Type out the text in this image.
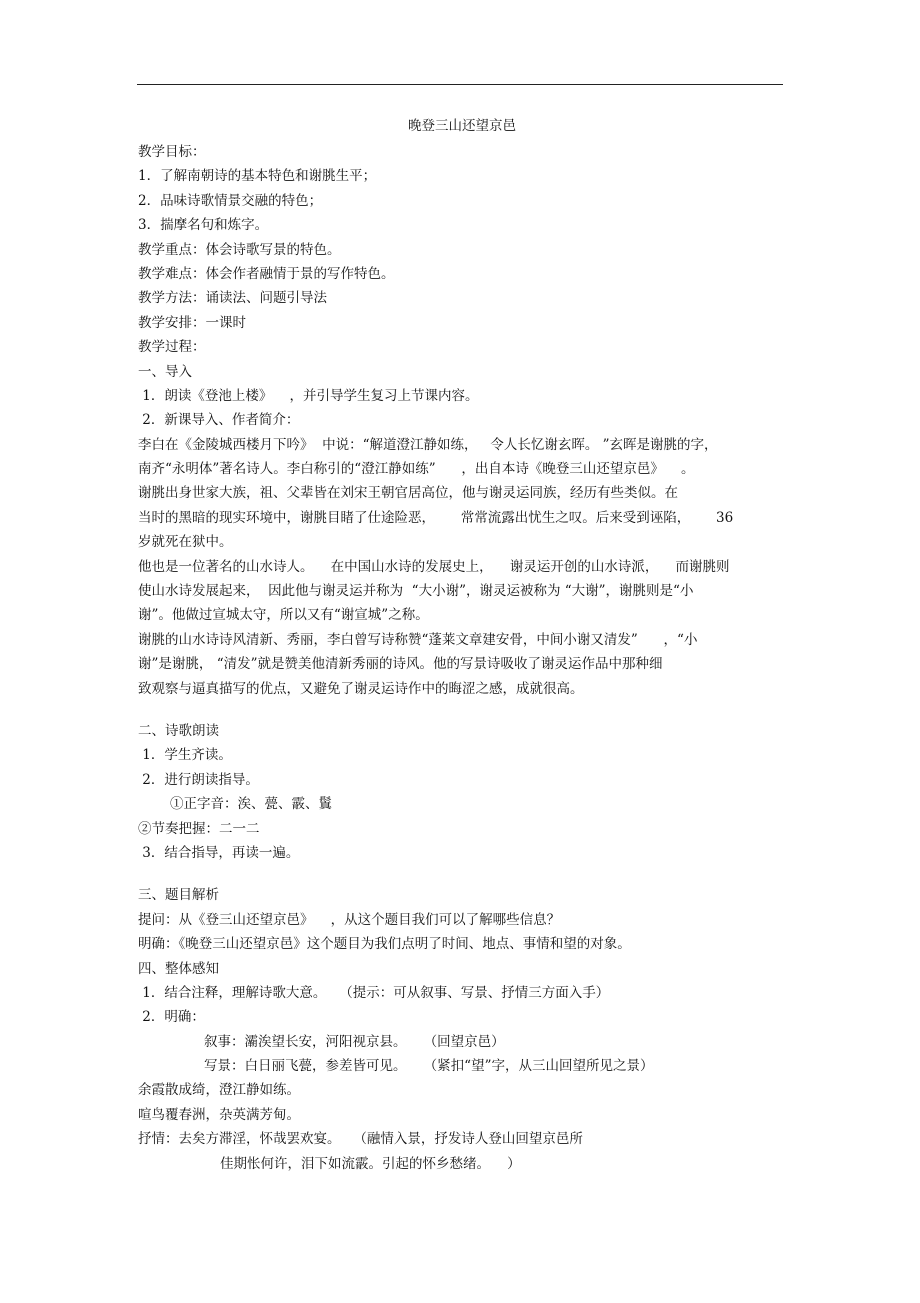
晚登三山还望京邑
教学目标：
1．了解南朝诗的基本特色和谢朓生平；
2．品味诗歌情景交融的特色；
3．揣摩名句和炼字。
教学重点：体会诗歌写景的特色。
教学难点：体会作者融情于景的写作特色。
教学方法：诵读法、问题引导法
教学安排：一课时
教学过程：
一、导入
1．朗读《登池上楼》    ，并引导学生复习上节课内容。
2．新课导入、作者简介：
李白在《金陵城西楼月下吟》  中说：“解道澄江静如练，   令人长忆谢玄晖。 ”玄晖是谢朓的字，
南齐“永明体”著名诗人。李白称引的“澄江静如练”      ，出自本诗《晚登三山还望京邑》    。
谢朓出身世家大族，祖、父辈皆在刘宋王朝官居高位，他与谢灵运同族，经历有些类似。在
当时的黑暗的现实环境中，谢朓目睹了仕途险恶，      常常流露出忧生之叹。后来受到诬陷，      36
岁就死在狱中。
他也是一位著名的山水诗人。    在中国山水诗的发展史上，    谢灵运开创的山水诗派，    而谢朓则
使山水诗发展起来，  因此他与谢灵运并称为  “大小谢”，谢灵运被称为 “大谢”，谢朓则是“小
谢”。他做过宣城太守，所以又有“谢宣城”之称。
谢朓的山水诗诗风清新、秀丽，李白曾写诗称赞“蓬莱文章建安骨，中间小谢又清发”      ，“小
谢”是谢朓， “清发”就是赞美他清新秀丽的诗风。他的写景诗吸收了谢灵运作品中那种细
致观察与逼真描写的优点，又避免了谢灵运诗作中的晦涩之感，成就很高。
二、诗歌朗读
1．学生齐读。
2．进行朗读指导。
①正字音：涘、甍、霰、鬒
②节奏把握：二一二
3．结合指导，再读一遍。
三、题目解析
提问：从《登三山还望京邑》    ，从这个题目我们可以了解哪些信息？
明确：《晚登三山还望京邑》这个题目为我们点明了时间、地点、事情和望的对象。
四、整体感知
1．结合注释，理解诗歌大意。   （提示：可从叙事、写景、抒情三方面入手）
2．明确：
叙事：灞涘望长安，河阳视京县。    （回望京邑）
写景：白日丽飞甍，参差皆可见。    （紧扣“望”字，从三山回望所见之景）
余霞散成绮，澄江静如练。
喧鸟覆春洲，杂英满芳甸。
抒情：去矣方滞淫，怀哉罢欢宴。   （融情入景，抒发诗人登山回望京邑所
佳期怅何许，泪下如流霰。引起的怀乡愁绪。    ）
